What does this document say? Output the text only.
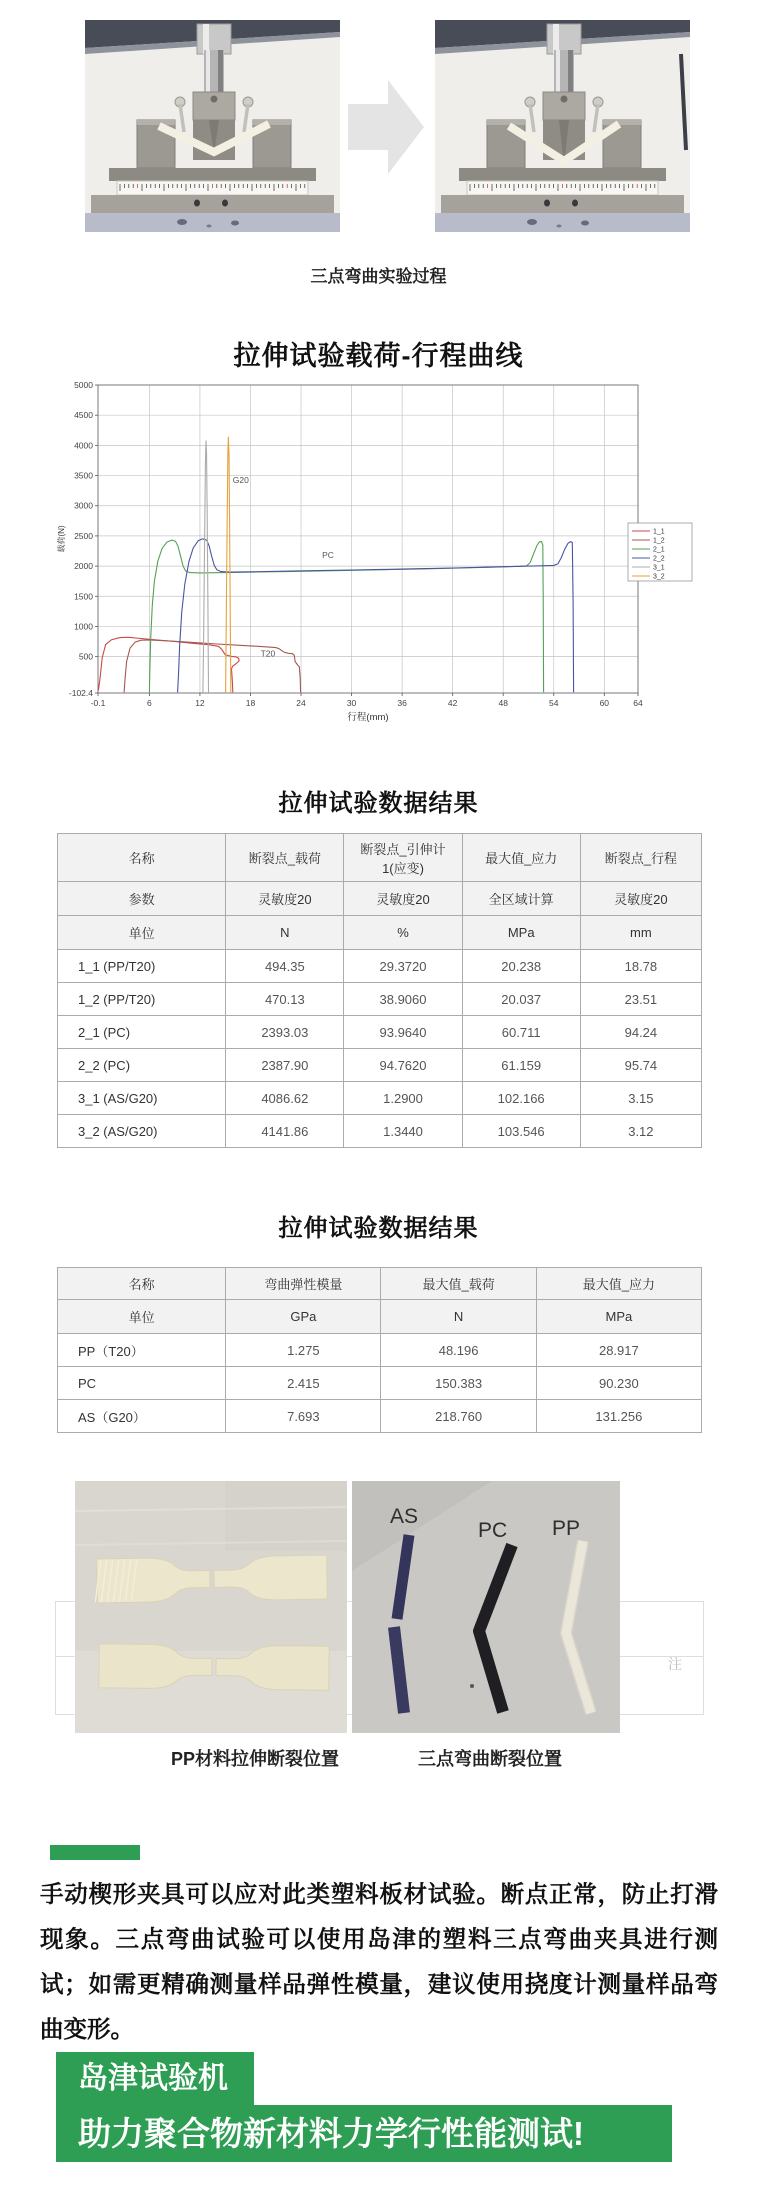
三点弯曲实验过程
拉伸试验载荷-行程曲线
G20
PC
T20
5000
4500
4000
3500
3000
2500
2000
1500
1000
500
-102.4
-0.1	6	12	18	24	30	36	42	48	54	60	64
行程(mm)
载荷(N)	1_1
1_2
2_1
2_2
3_1
3_2
拉伸试验数据结果
名称	断裂点_载荷	断裂点_引伸计1(应变)	最大值_应力	断裂点_行程
参数	灵敏度20	灵敏度20	全区域计算	灵敏度20
单位	N	%	MPa	mm
1_1 (PP/T20)	494.35	29.3720	20.238	18.78
1_2 (PP/T20)	470.13	38.9060	20.037	23.51
2_1 (PC)	2393.03	93.9640	60.711	94.24
2_2 (PC)	2387.90	94.7620	61.159	95.74
3_1 (AS/G20)	4086.62	1.2900	102.166	3.15
3_2 (AS/G20)	4141.86	1.3440	103.546	3.12
拉伸试验数据结果
名称	弯曲弹性模量	最大值_载荷	最大值_应力
单位	GPa	N	MPa
PP（T20）	1.275	48.196	28.917
PC	2.415	150.383	90.230
AS（G20）	7.693	218.760	131.256
注
AS
PC PP
PP材料拉伸断裂位置	三点弯曲断裂位置
手动楔形夹具可以应对此类塑料板材试验。断点正常，防止打滑现象。三点弯曲试验可以使用岛津的塑料三点弯曲夹具进行测试；如需更精确测量样品弹性模量，建议使用挠度计测量样品弯曲变形。
岛津试验机
助力聚合物新材料力学行性能测试!
